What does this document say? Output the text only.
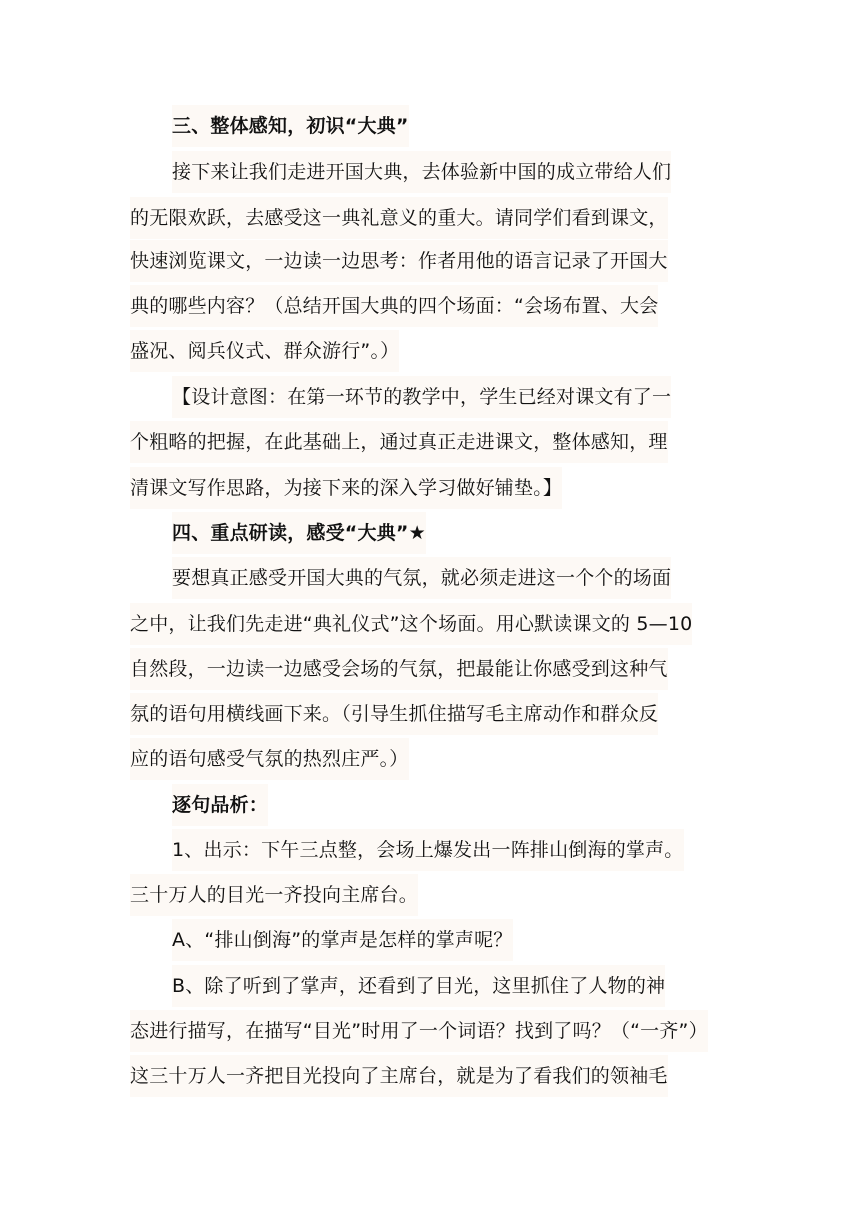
三、整体感知，初识“大典”
接下来让我们走进开国大典，去体验新中国的成立带给人们
的无限欢跃，去感受这一典礼意义的重大。请同学们看到课文，
快速浏览课文，一边读一边思考：作者用他的语言记录了开国大
典的哪些内容？（总结开国大典的四个场面：“会场布置、大会
盛况、阅兵仪式、群众游行”。）
【设计意图：在第一环节的教学中，学生已经对课文有了一
个粗略的把握，在此基础上，通过真正走进课文，整体感知，理
清课文写作思路，为接下来的深入学习做好铺垫。】
四、重点研读，感受“大典”★
要想真正感受开国大典的气氛，就必须走进这一个个的场面
之中，让我们先走进“典礼仪式”这个场面。用心默读课文的 5—10
自然段，一边读一边感受会场的气氛，把最能让你感受到这种气
氛的语句用横线画下来。（引导生抓住描写毛主席动作和群众反
应的语句感受气氛的热烈庄严。）
逐句品析：
1、出示：下午三点整，会场上爆发出一阵排山倒海的掌声。
三十万人的目光一齐投向主席台。
A、“排山倒海”的掌声是怎样的掌声呢？
B、除了听到了掌声，还看到了目光，这里抓住了人物的神
态进行描写，在描写“目光”时用了一个词语？找到了吗？（“一齐”）
这三十万人一齐把目光投向了主席台，就是为了看我们的领袖毛
